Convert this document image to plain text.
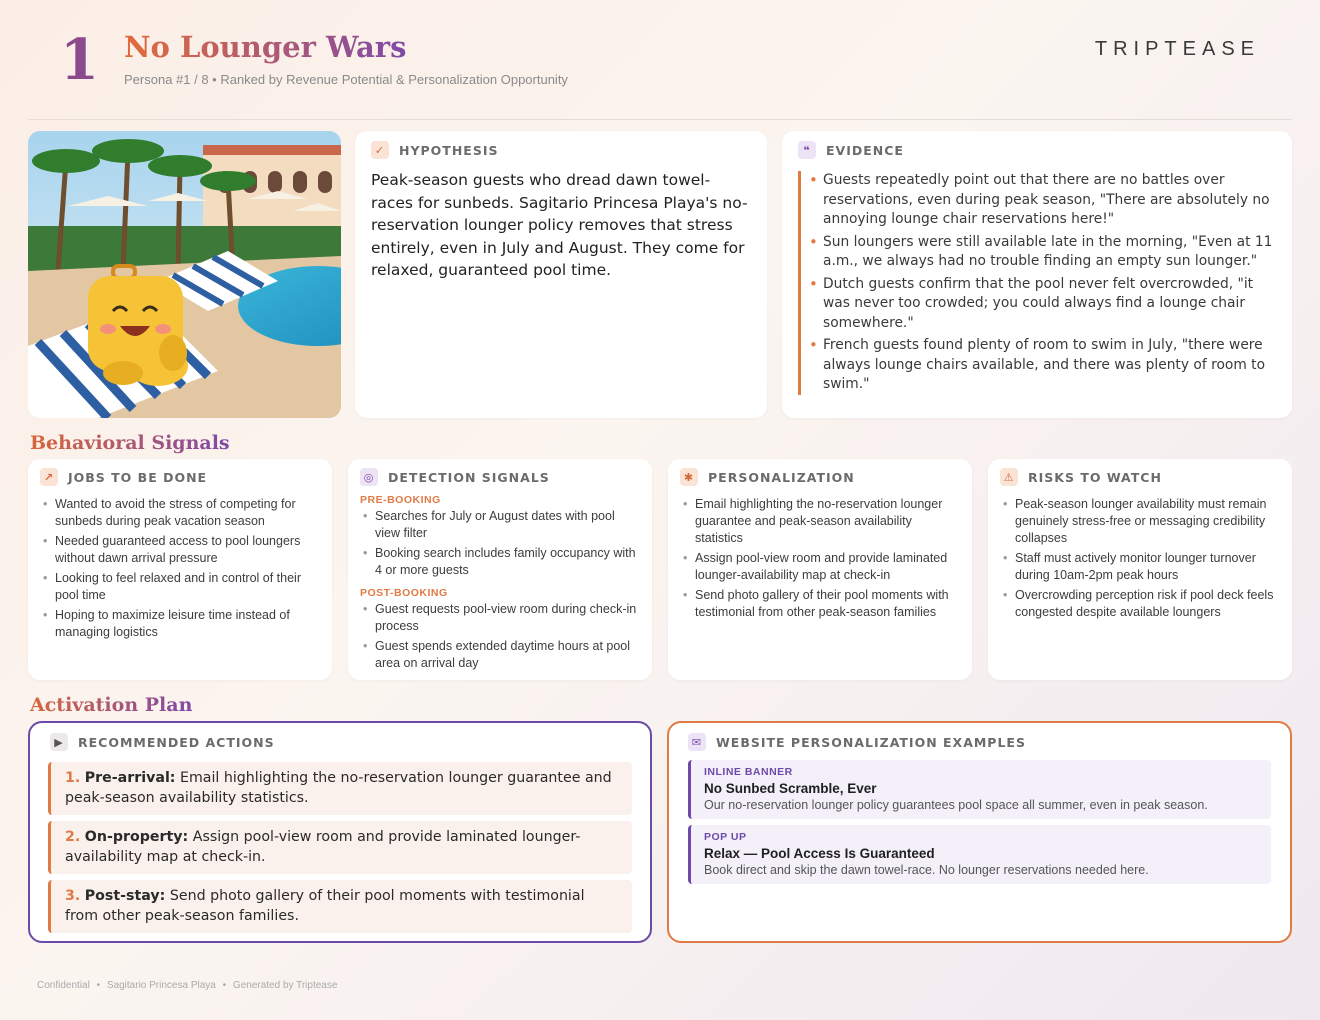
1 No Lounger Wars
Persona #1 / 8 • Ranked by Revenue Potential & Personalization Opportunity
TRIPTEASE
✓	HYPOTHESIS
Peak-season guests who dread dawn towel-races for sunbeds. Sagitario Princesa Playa's no-reservation lounger policy removes that stress entirely, even in July and August. They come for relaxed, guaranteed pool time.
❝	EVIDENCE
• Guests repeatedly point out that there are no battles over reservations, even during peak season, "There are absolutely no annoying lounge chair reservations here!"
• Sun loungers were still available late in the morning, "Even at 11 a.m., we always had no trouble finding an empty sun lounger."
• Dutch guests confirm that the pool never felt overcrowded, "it was never too crowded; you could always find a lounge chair somewhere."
• French guests found plenty of room to swim in July, "there were always lounge chairs available, and there was plenty of room to swim."
Behavioral Signals
↗	JOBS TO BE DONE
• Wanted to avoid the stress of competing for sunbeds during peak vacation season
• Needed guaranteed access to pool loungers without dawn arrival pressure
• Looking to feel relaxed and in control of their pool time
• Hoping to maximize leisure time instead of managing logistics
◎ DETECTION SIGNALS
PRE-BOOKING
• Searches for July or August dates with pool view filter
• Booking search includes family occupancy with 4 or more guests
POST-BOOKING
• Guest requests pool-view room during check-in process
• Guest spends extended daytime hours at pool area on arrival day
✱	PERSONALIZATION
• Email highlighting the no-reservation lounger guarantee and peak-season availability statistics
• Assign pool-view room and provide laminated lounger-availability map at check-in
• Send photo gallery of their pool moments with testimonial from other peak-season families
⚠ RISKS TO WATCH
• Peak-season lounger availability must remain genuinely stress-free or messaging credibility collapses
• Staff must actively monitor lounger turnover during 10am-2pm peak hours
• Overcrowding perception risk if pool deck feels congested despite available loungers
Activation Plan
▶	RECOMMENDED ACTIONS
1. Pre-arrival: Email highlighting the no-reservation lounger guarantee and peak-season availability statistics.
2. On-property: Assign pool-view room and provide laminated lounger-availability map at check-in.
3. Post-stay: Send photo gallery of their pool moments with testimonial from other peak-season families.
✉	WEBSITE PERSONALIZATION EXAMPLES
INLINE BANNER
No Sunbed Scramble, Ever
Our no-reservation lounger policy guarantees pool space all summer, even in peak season.
POP UP
Relax — Pool Access Is Guaranteed
Book direct and skip the dawn towel-race. No lounger reservations needed here.
Confidential • Sagitario Princesa Playa • Generated by Triptease
